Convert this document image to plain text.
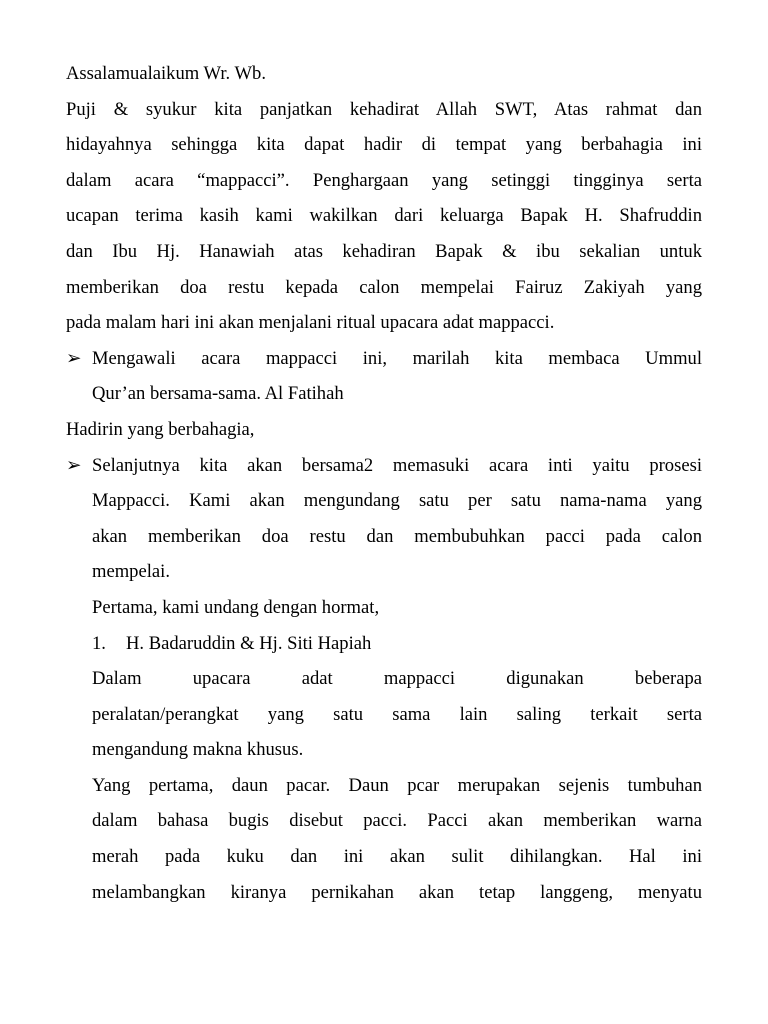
Assalamualaikum Wr. Wb.
Puji & syukur kita panjatkan kehadirat Allah SWT, Atas rahmat dan
hidayahnya sehingga kita dapat hadir di tempat yang berbahagia ini
dalam acara “mappacci”. Penghargaan yang setinggi tingginya serta
ucapan terima kasih kami wakilkan dari keluarga Bapak H. Shafruddin
dan Ibu Hj. Hanawiah atas kehadiran Bapak & ibu sekalian untuk
memberikan doa restu kepada calon mempelai Fairuz Zakiyah yang
pada malam hari ini akan menjalani ritual upacara adat mappacci.
➢ Mengawali acara mappacci ini, marilah kita membaca Ummul
Qur’an bersama-sama. Al Fatihah
Hadirin yang berbahagia,
➢ Selanjutnya kita akan bersama2 memasuki acara inti yaitu prosesi
Mappacci. Kami akan mengundang satu per satu nama-nama yang
akan memberikan doa restu dan membubuhkan pacci pada calon
mempelai.
Pertama, kami undang dengan hormat,
1. H. Badaruddin & Hj. Siti Hapiah
Dalam upacara adat mappacci digunakan beberapa
peralatan/perangkat yang satu sama lain saling terkait serta
mengandung makna khusus.
Yang pertama, daun pacar. Daun pcar merupakan sejenis tumbuhan
dalam bahasa bugis disebut pacci. Pacci akan memberikan warna
merah pada kuku dan ini akan sulit dihilangkan. Hal ini
melambangkan kiranya pernikahan akan tetap langgeng, menyatu
